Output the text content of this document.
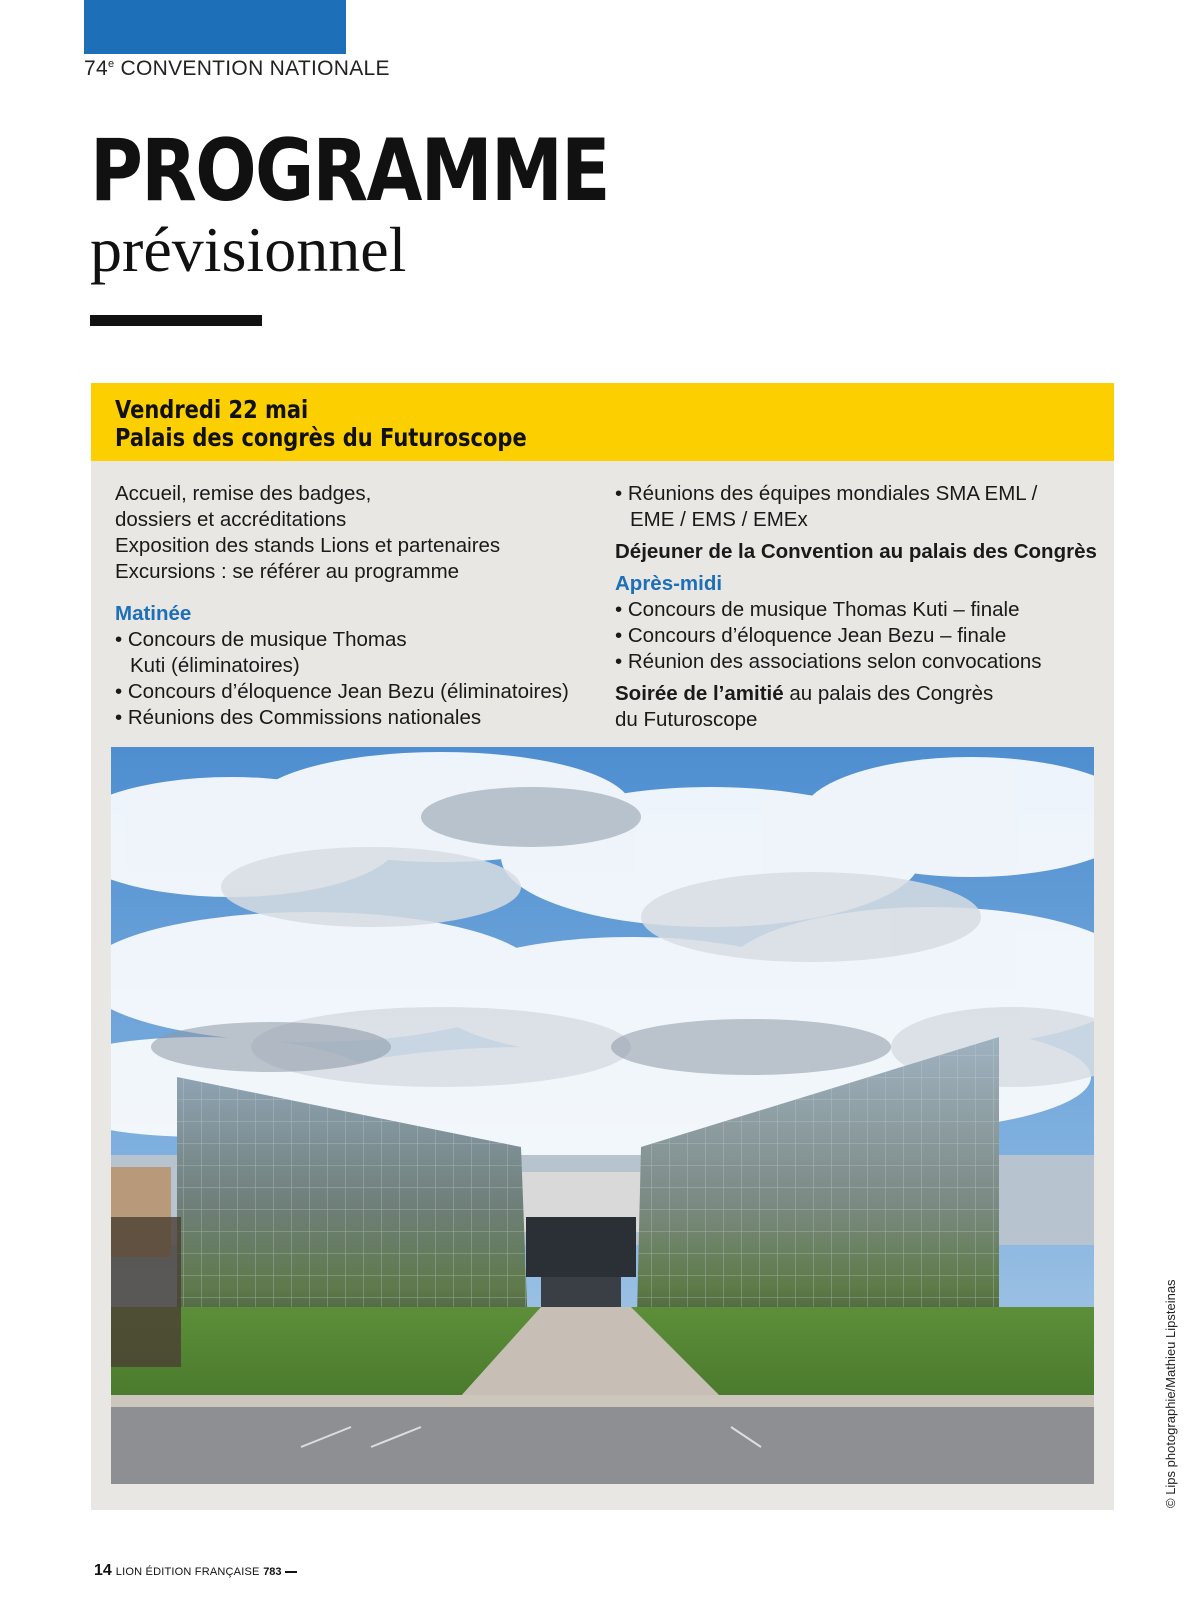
74e CONVENTION NATIONALE
PROGRAMME
prévisionnel
Vendredi 22 mai
Palais des congrès du Futuroscope

Accueil, remise des badges,

dossiers et accréditations

Exposition des stands Lions et partenaires

Excursions : se référer au programme

Matinée

• Concours de musique Thomas Kuti (éliminatoires)

• Concours d’éloquence Jean Bezu (éliminatoires)

• Réunions des Commissions nationales

• Réunions des équipes mondiales SMA EML / EME / EMS / EMEx

Déjeuner de la Convention au palais des Congrès

Après-midi

• Concours de musique Thomas Kuti – finale

• Concours d’éloquence Jean Bezu – finale

• Réunion des associations selon convocations

Soirée de l’amitié au palais des Congrès du Futuroscope

© Lips photographie/Mathieu Lipsteinas
14 LION ÉDITION FRANÇAISE 783
